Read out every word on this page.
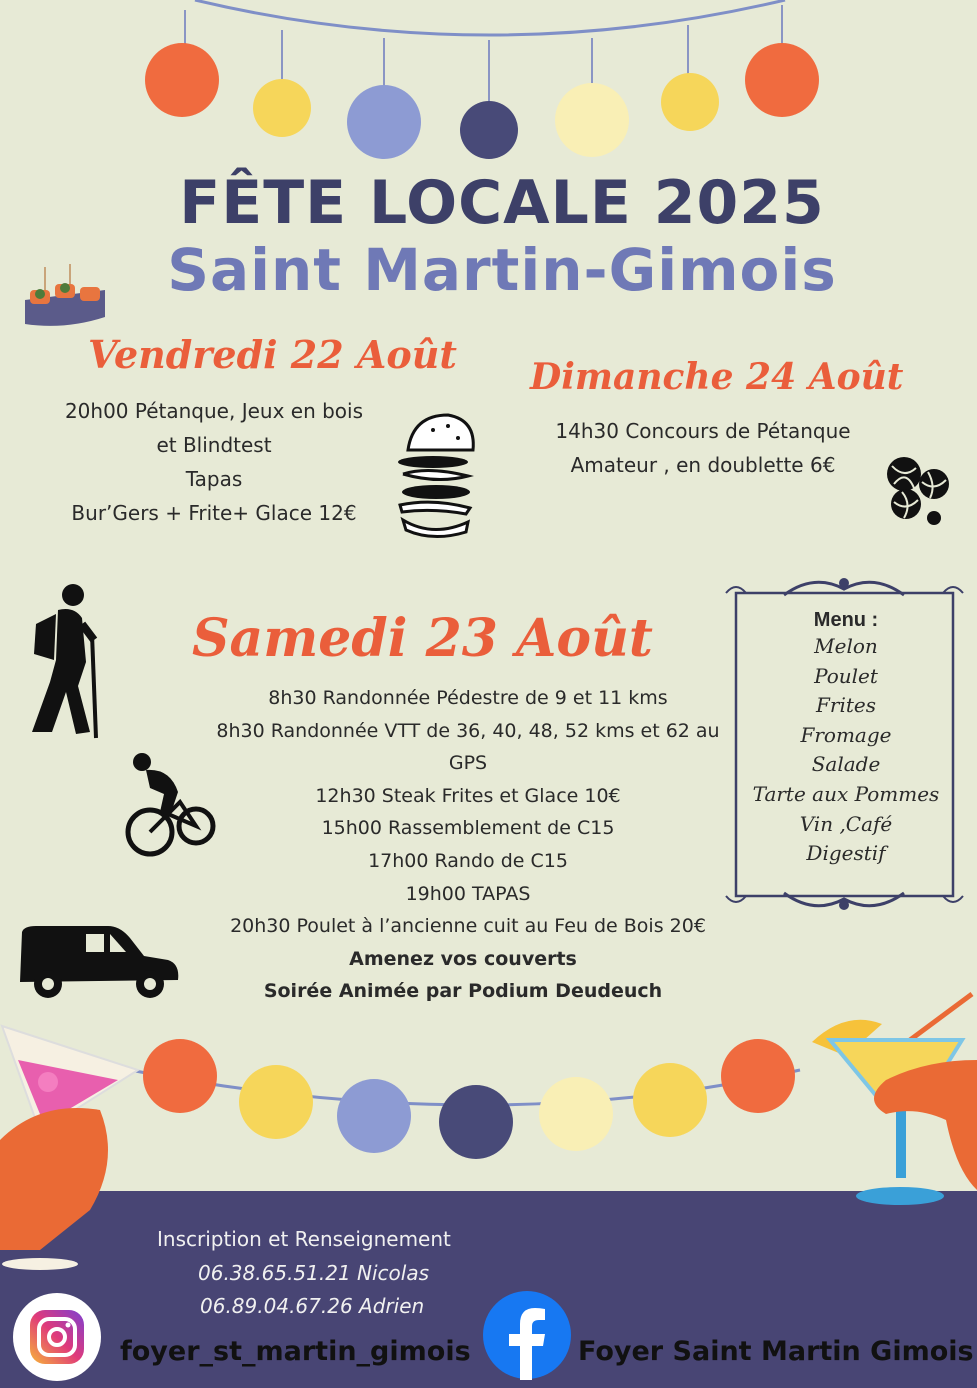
FÊTE LOCALE 2025
Saint Martin-Gimois
Vendredi 22 Août
20h00 Pétanque, Jeux en bois
et Blindtest
Tapas
Bur’Gers + Frite+ Glace 12€
Dimanche 24 Août
14h30 Concours de Pétanque
Amateur , en doublette 6€
Samedi 23 Août
8h30 Randonnée Pédestre de 9 et 11 kms
8h30 Randonnée VTT de 36, 40, 48, 52 kms et 62 au
GPS
12h30 Steak Frites et Glace 10€
15h00 Rassemblement de C15
17h00 Rando de C15
19h00 TAPAS
20h30 Poulet à l’ancienne cuit au Feu de Bois 20€
Amenez vos couverts
Soirée Animée par Podium Deudeuch
Menu :
Melon
Poulet
Frites
Fromage
Salade
Tarte aux Pommes
Vin ,Café
Digestif
Inscription et Renseignement
06.38.65.51.21 Nicolas
06.89.04.67.26 Adrien
foyer_st_martin_gimois	Foyer Saint Martin Gimois
